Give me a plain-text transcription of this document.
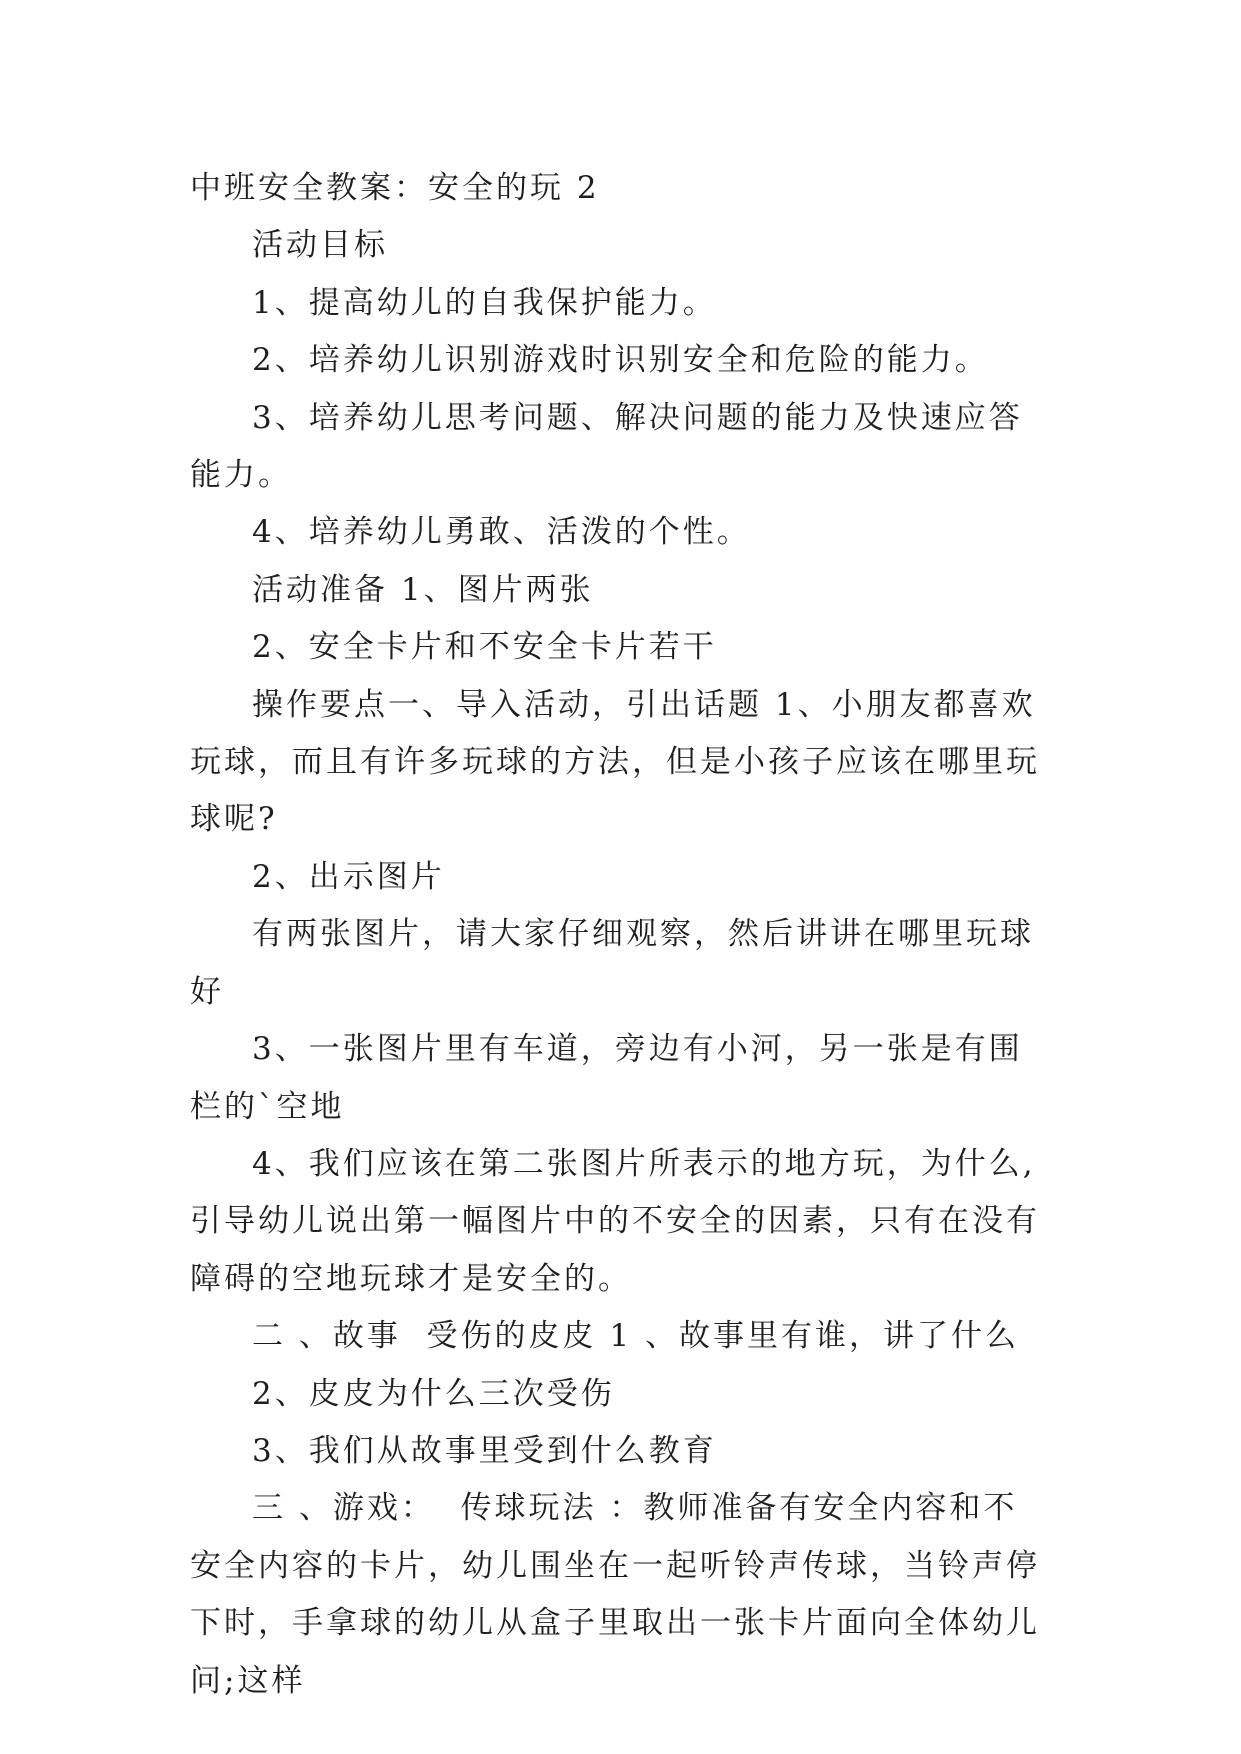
中班安全教案：安全的玩 2

活动目标

1、提高幼儿的自我保护能力。

2、培养幼儿识别游戏时识别安全和危险的能力。

3、培养幼儿思考问题、解决问题的能力及快速应答能力。

4、培养幼儿勇敢、活泼的个性。

活动准备 1、图片两张

2、安全卡片和不安全卡片若干

操作要点一、导入活动，引出话题 1、小朋友都喜欢玩球，而且有许多玩球的方法，但是小孩子应该在哪里玩球呢?

2、出示图片

有两张图片，请大家仔细观察，然后讲讲在哪里玩球好

3、一张图片里有车道，旁边有小河，另一张是有围栏的`空地

4、我们应该在第二张图片所表示的地方玩，为什么,引导幼儿说出第一幅图片中的不安全的因素，只有在没有障碍的空地玩球才是安全的。

二 、故事  受伤的皮皮 1 、故事里有谁，讲了什么

2、皮皮为什么三次受伤

3、我们从故事里受到什么教育

三 、游戏：  传球玩法 ：教师准备有安全内容和不安全内容的卡片，幼儿围坐在一起听铃声传球，当铃声停下时，手拿球的幼儿从盒子里取出一张卡片面向全体幼儿问;这样
